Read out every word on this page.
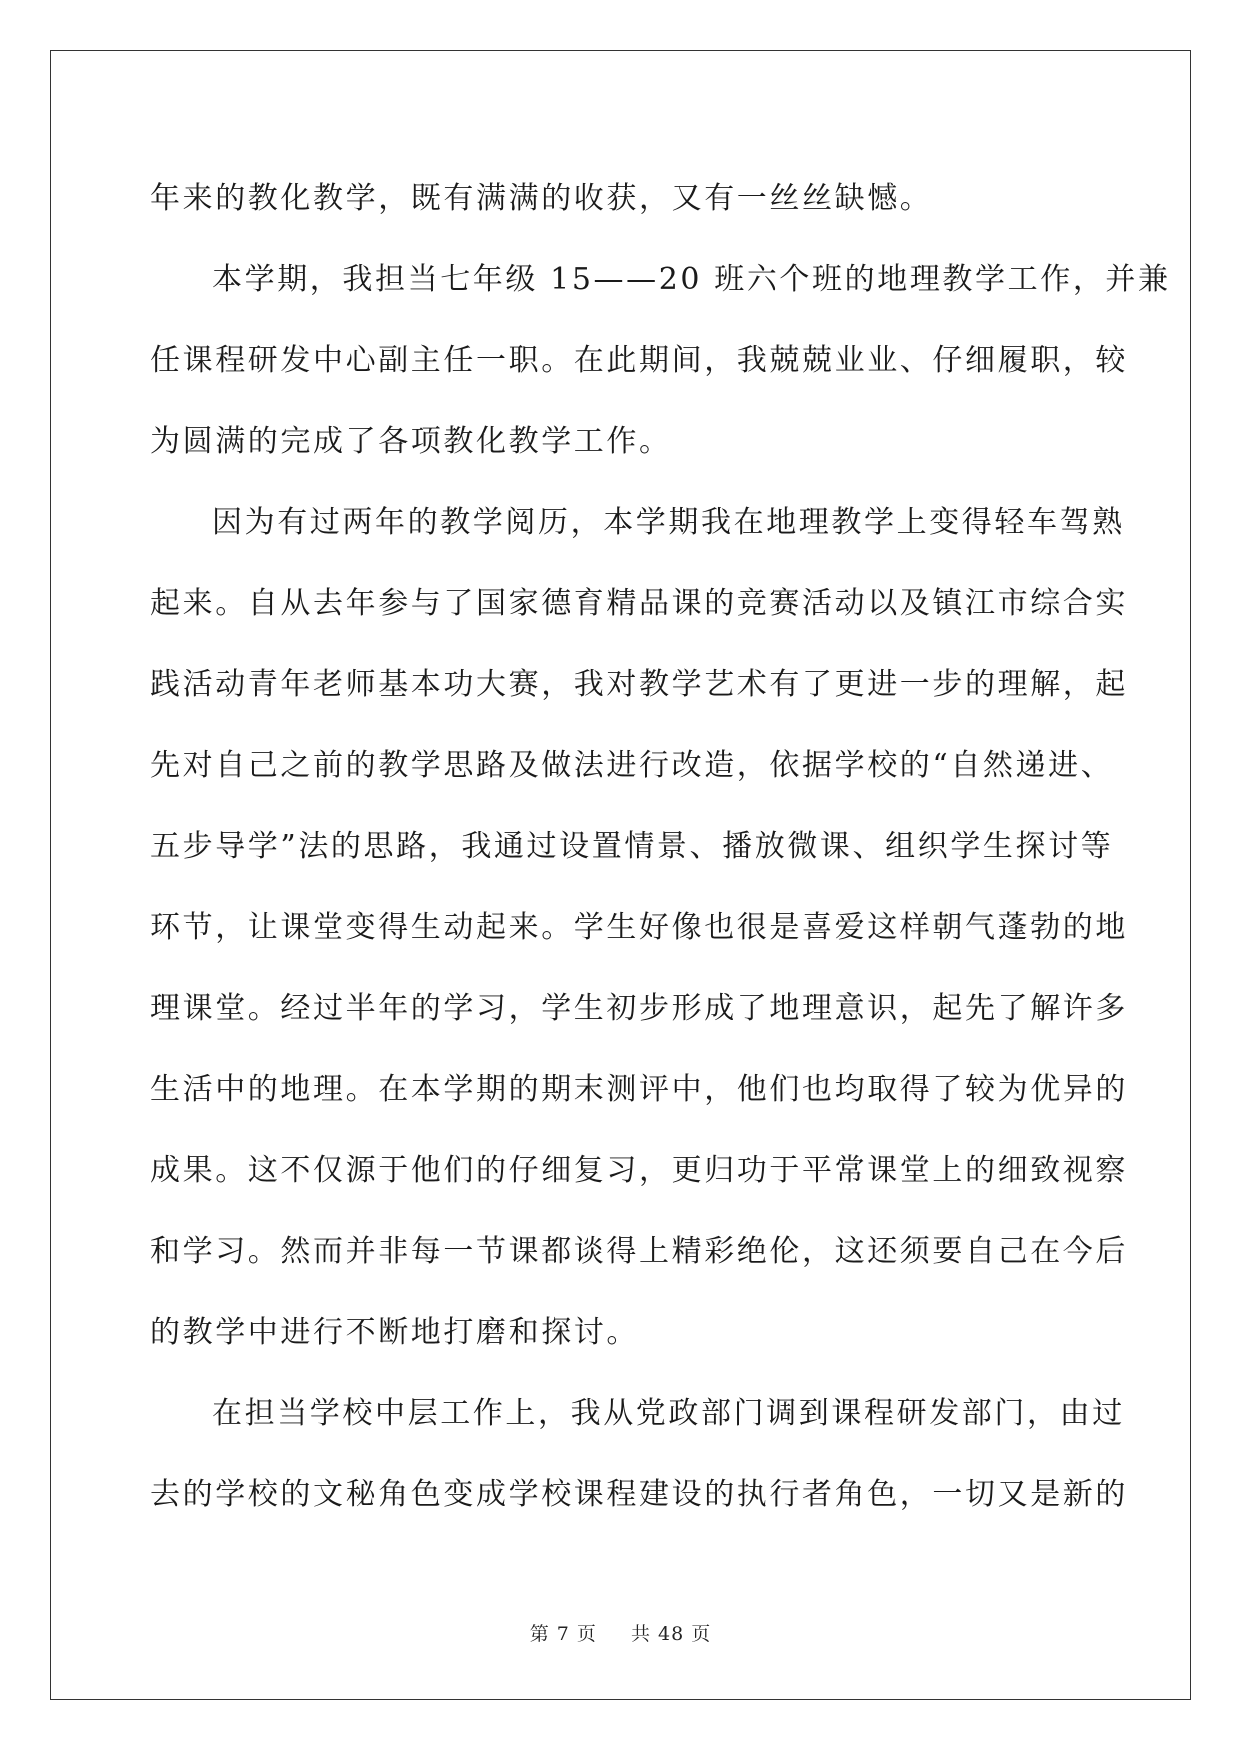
年来的教化教学，既有满满的收获，又有一丝丝缺憾。
本学期，我担当七年级 15——20 班六个班的地理教学工作，并兼
任课程研发中心副主任一职。在此期间，我兢兢业业、仔细履职，较
为圆满的完成了各项教化教学工作。
因为有过两年的教学阅历，本学期我在地理教学上变得轻车驾熟
起来。自从去年参与了国家德育精品课的竞赛活动以及镇江市综合实
践活动青年老师基本功大赛，我对教学艺术有了更进一步的理解，起
先对自己之前的教学思路及做法进行改造，依据学校的“自然递进、
五步导学”法的思路，我通过设置情景、播放微课、组织学生探讨等
环节，让课堂变得生动起来。学生好像也很是喜爱这样朝气蓬勃的地
理课堂。经过半年的学习，学生初步形成了地理意识，起先了解许多
生活中的地理。在本学期的期末测评中，他们也均取得了较为优异的
成果。这不仅源于他们的仔细复习，更归功于平常课堂上的细致视察
和学习。然而并非每一节课都谈得上精彩绝伦，这还须要自己在今后
的教学中进行不断地打磨和探讨。
在担当学校中层工作上，我从党政部门调到课程研发部门，由过
去的学校的文秘角色变成学校课程建设的执行者角色，一切又是新的
第 7 页 共 48 页
